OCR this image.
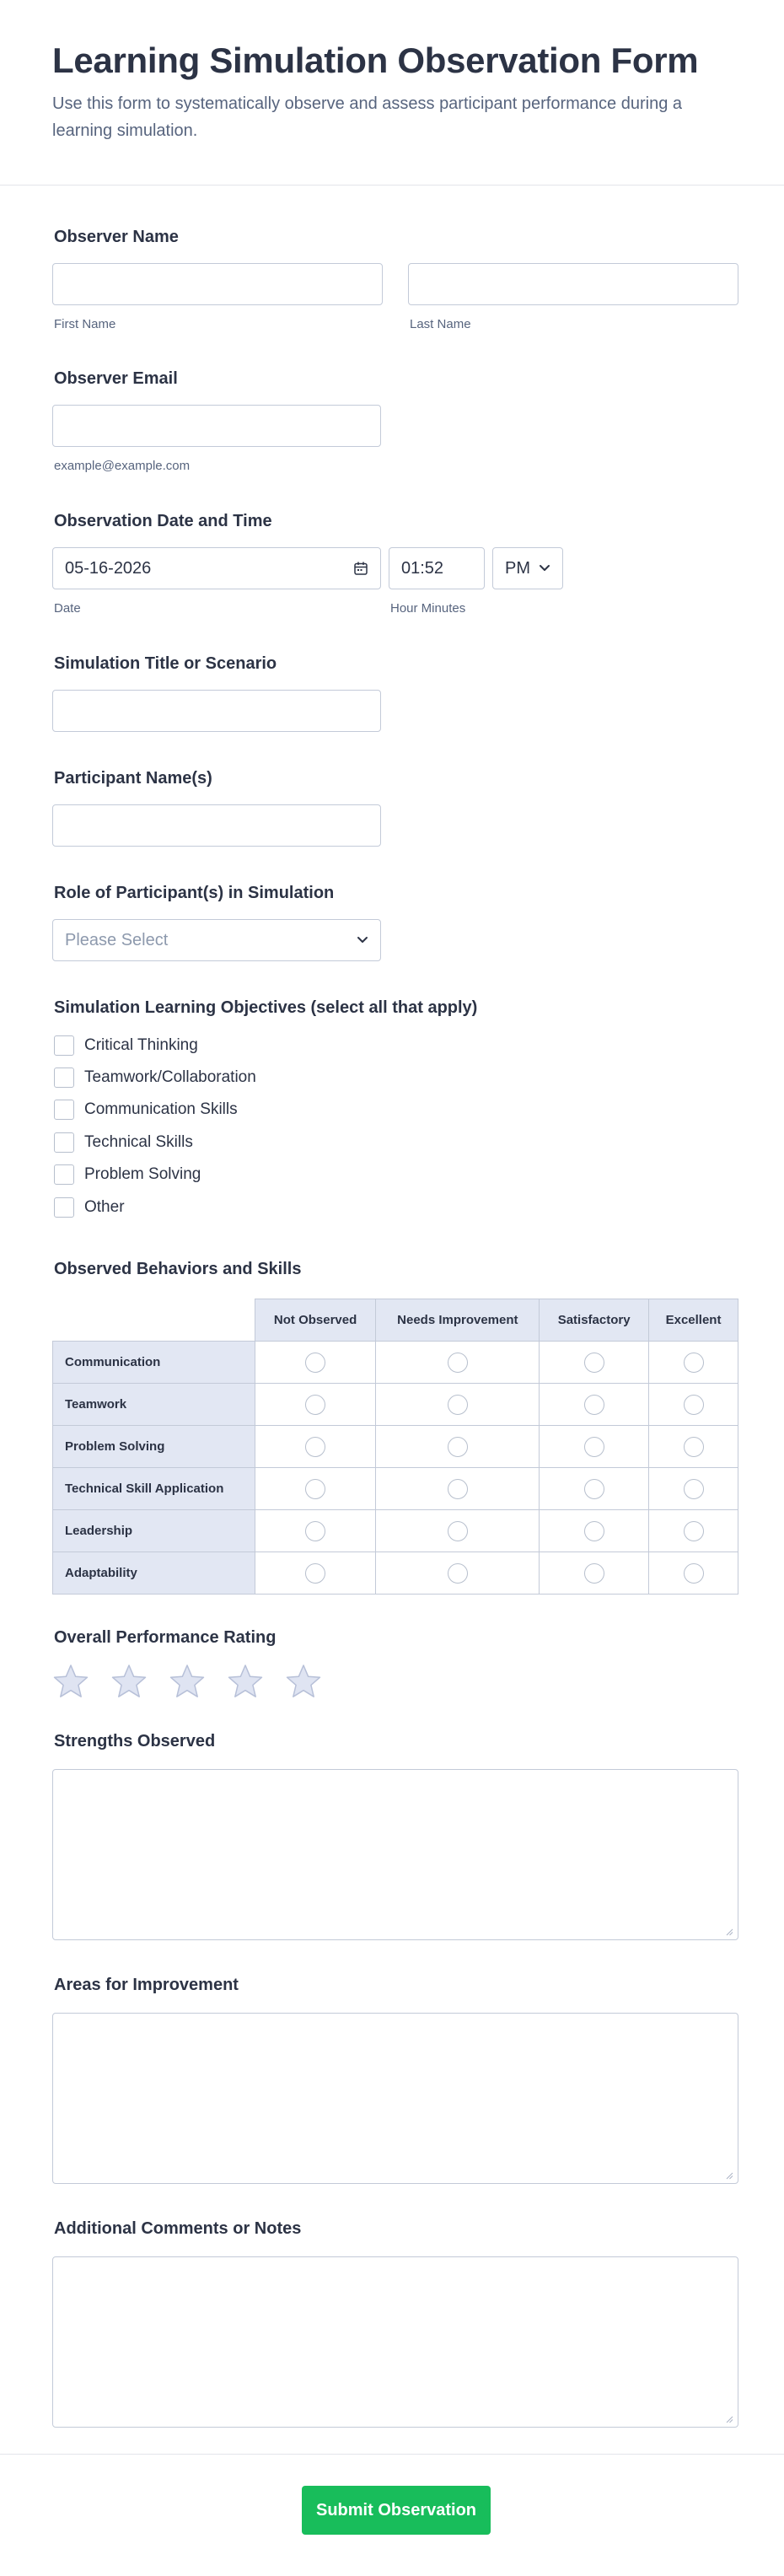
Learning Simulation Observation Form
Use this form to systematically observe and assess participant performance during a learning simulation.
Observer Name
First Name	Last Name
Observer Email
example@example.com
Observation Date and Time
05-16-2026
Date
01:52	PM
Hour Minutes
Simulation Title or Scenario
Participant Name(s)
Role of Participant(s) in Simulation
Please Select
Simulation Learning Objectives (select all that apply)
Critical Thinking
Teamwork/Collaboration
Communication Skills
Technical Skills
Problem Solving
Other
Observed Behaviors and Skills
	Not Observed	Needs Improvement	Satisfactory	Excellent
Communication				
Teamwork				
Problem Solving				
Technical Skill Application				
Leadership				
Adaptability				
Overall Performance Rating
Strengths Observed
Areas for Improvement
Additional Comments or Notes
Submit Observation
